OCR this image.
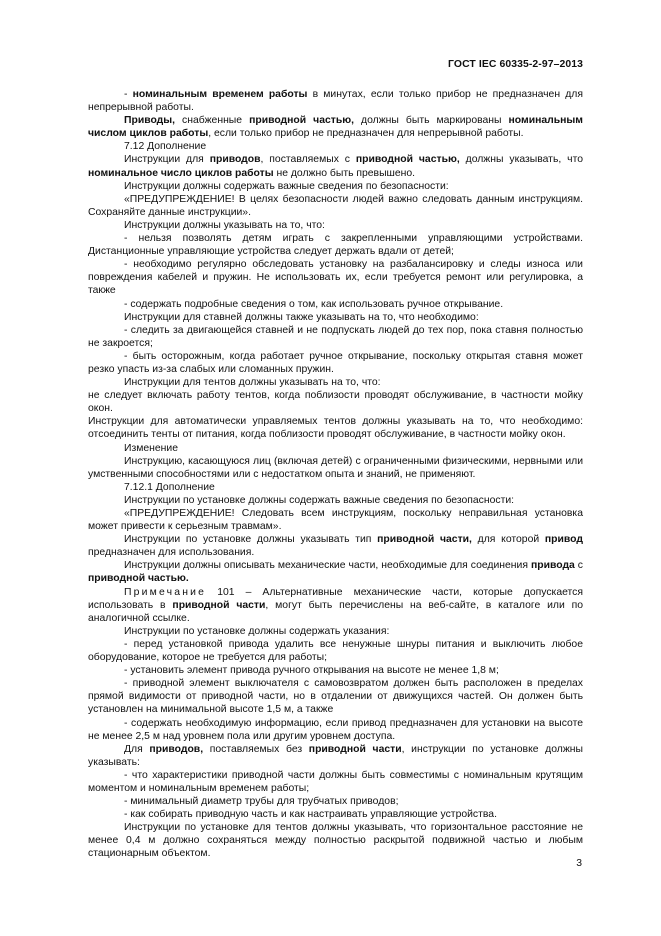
ГОСТ IEC 60335-2-97–2013

- номинальным временем работы в минутах, если только прибор не предназначен для непрерывной работы.

Приводы, снабженные приводной частью, должны быть маркированы номинальным числом циклов работы, если только прибор не предназначен для непрерывной работы.

7.12 Дополнение

Инструкции для приводов, поставляемых с приводной частью, должны указывать, что номинальное число циклов работы не должно быть превышено.

Инструкции должны содержать важные сведения по безопасности:

«ПРЕДУПРЕЖДЕНИЕ! В целях безопасности людей важно следовать данным инструкциям. Сохраняйте данные инструкции».

Инструкции должны указывать на то, что:

- нельзя позволять детям играть с закрепленными управляющими устройствами. Дистанционные управляющие устройства следует держать вдали от детей;

- необходимо регулярно обследовать установку на разбалансировку и следы износа или повреждения кабелей и пружин. Не использовать их, если требуется ремонт или регулировка, а также

- содержать подробные сведения о том, как использовать ручное открывание.

Инструкции для ставней должны также указывать на то, что необходимо:

- следить за двигающейся ставней и не подпускать людей до тех пор, пока ставня полностью не закроется;

- быть осторожным, когда работает ручное открывание, поскольку открытая ставня может резко упасть из-за слабых или сломанных пружин.

Инструкции для тентов должны указывать на то, что:

не следует включать работу тентов, когда поблизости проводят обслуживание, в частности мойку окон.

Инструкции для автоматически управляемых тентов должны указывать на то, что необходимо: отсоединить тенты от питания, когда поблизости проводят обслуживание, в частности мойку окон.

Изменение

Инструкцию, касающуюся лиц (включая детей) с ограниченными физическими, нервными или умственными способностями или с недостатком опыта и знаний, не применяют.

7.12.1 Дополнение

Инструкции по установке должны содержать важные сведения по безопасности:

«ПРЕДУПРЕЖДЕНИЕ! Следовать всем инструкциям, поскольку неправильная установка может привести к серьезным травмам».

Инструкции по установке должны указывать тип приводной части, для которой привод предназначен для использования.

Инструкции должны описывать механические части, необходимые для соединения привода с приводной частью.

Примечание 101 – Альтернативные механические части, которые допускается использовать в приводной части, могут быть перечислены на веб-сайте, в каталоге или по аналогичной ссылке.

Инструкции по установке должны содержать указания:

- перед установкой привода удалить все ненужные шнуры питания и выключить любое оборудование, которое не требуется для работы;

- установить элемент привода ручного открывания на высоте не менее 1,8 м;

- приводной элемент выключателя с самовозвратом должен быть расположен в пределах прямой видимости от приводной части, но в отдалении от движущихся частей. Он должен быть установлен на минимальной высоте 1,5 м, а также

- содержать необходимую информацию, если привод предназначен для установки на высоте не менее 2,5 м над уровнем пола или другим уровнем доступа.

Для приводов, поставляемых без приводной части, инструкции по установке должны указывать:

- что характеристики приводной части должны быть совместимы с номинальным крутящим моментом и номинальным временем работы;

- минимальный диаметр трубы для трубчатых приводов;

- как собирать приводную часть и как настраивать управляющие устройства.

Инструкции по установке для тентов должны указывать, что горизонтальное расстояние не менее 0,4 м должно сохраняться между полностью раскрытой подвижной частью и любым стационарным объектом.

3
